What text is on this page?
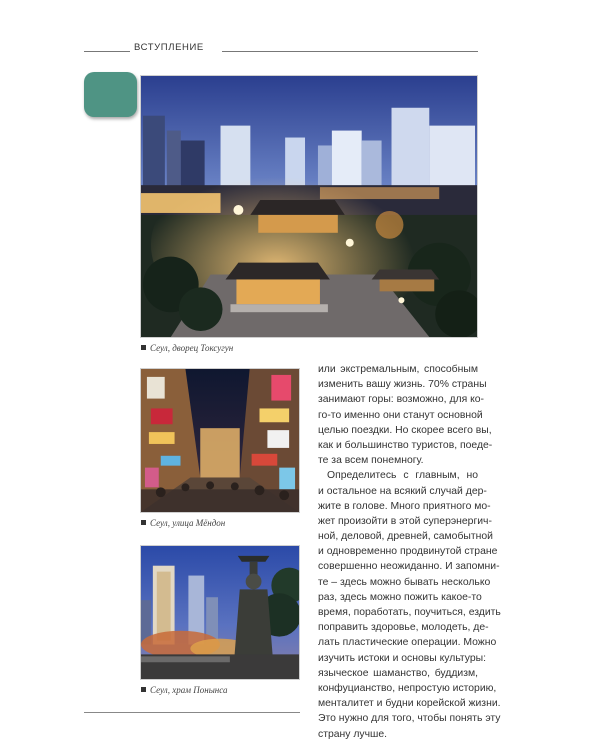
ВСТУПЛЕНИЕ
Сеул, дворец Токсугун
Сеул, улица Мёндон
Сеул, храм Понынса
или экстремальным, способным
изменить вашу жизнь. 70% страны
занимают горы: возможно, для ко-
го-то именно они станут основной
целью поездки. Но скорее всего вы,
как и большинство туристов, поеде-
те за всем понемногу.
Определитесь с главным, но
и остальное на всякий случай дер-
жите в голове. Много приятного мо-
жет произойти в этой суперэнергич-
ной, деловой, древней, самобытной
и одновременно продвинутой стране
совершенно неожиданно. И запомни-
те – здесь можно бывать несколько
раз, здесь можно пожить какое-то
время, поработать, поучиться, ездить
поправить здоровье, молодеть, де-
лать пластические операции. Можно
изучить истоки и основы культуры:
языческое шаманство, буддизм,
конфуцианство, непростую историю,
менталитет и будни корейской жизни.
Это нужно для того, чтобы понять эту
страну лучше.
